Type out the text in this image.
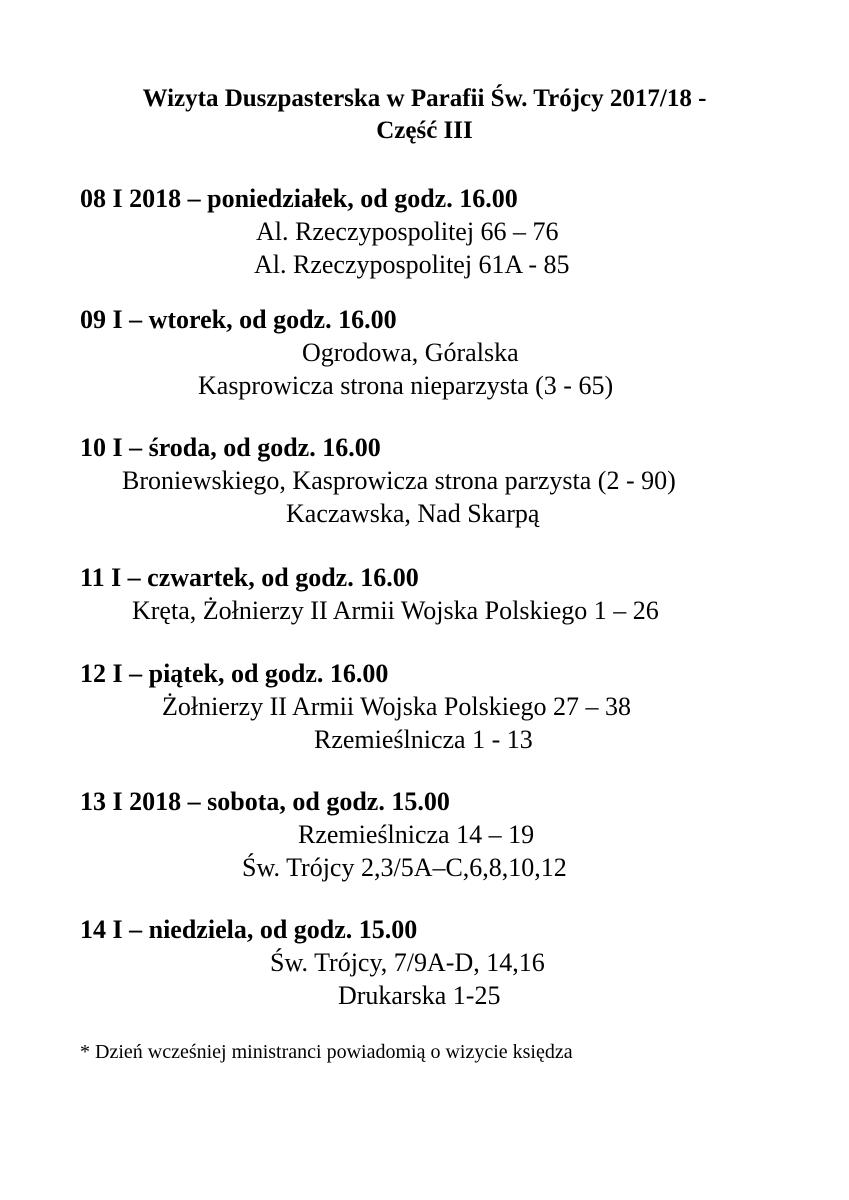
Wizyta Duszpasterska w Parafii Św. Trójcy 2017/18 -
Część III
08 I 2018 – poniedziałek, od godz. 16.00
Al. Rzeczypospolitej 66 – 76
Al. Rzeczypospolitej 61A - 85
09 I – wtorek, od godz. 16.00
Ogrodowa, Góralska
Kasprowicza strona nieparzysta (3 - 65)
10 I – środa, od godz. 16.00
Broniewskiego, Kasprowicza strona parzysta (2 - 90)
Kaczawska, Nad Skarpą
11 I – czwartek, od godz. 16.00
Kręta, Żołnierzy II Armii Wojska Polskiego 1 – 26
12 I – piątek, od godz. 16.00
Żołnierzy II Armii Wojska Polskiego 27 – 38
Rzemieślnicza 1 - 13
13 I 2018 – sobota, od godz. 15.00
Rzemieślnicza 14 – 19
Św. Trójcy 2,3/5A–C,6,8,10,12
14 I – niedziela, od godz. 15.00
Św. Trójcy, 7/9A-D, 14,16
Drukarska 1-25
* Dzień wcześniej ministranci powiadomią o wizycie księdza
